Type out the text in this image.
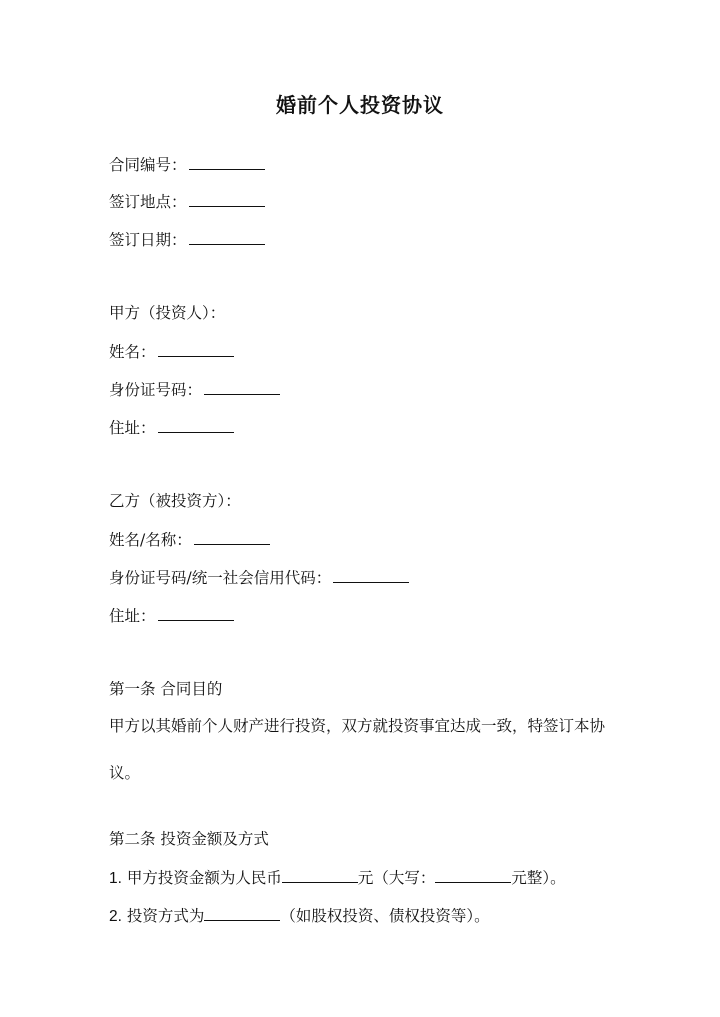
婚前个人投资协议
合同编号：
签订地点：
签订日期：
甲方（投资人）：
姓名：
身份证号码：
住址：
乙方（被投资方）：
姓名/名称：
身份证号码/统一社会信用代码：
住址：
第一条 合同目的
甲方以其婚前个人财产进行投资，双方就投资事宜达成一致，特签订本协议。
第二条 投资金额及方式
1. 甲方投资金额为人民币	元（大写：	元整）。
2. 投资方式为	（如股权投资、债权投资等）。
